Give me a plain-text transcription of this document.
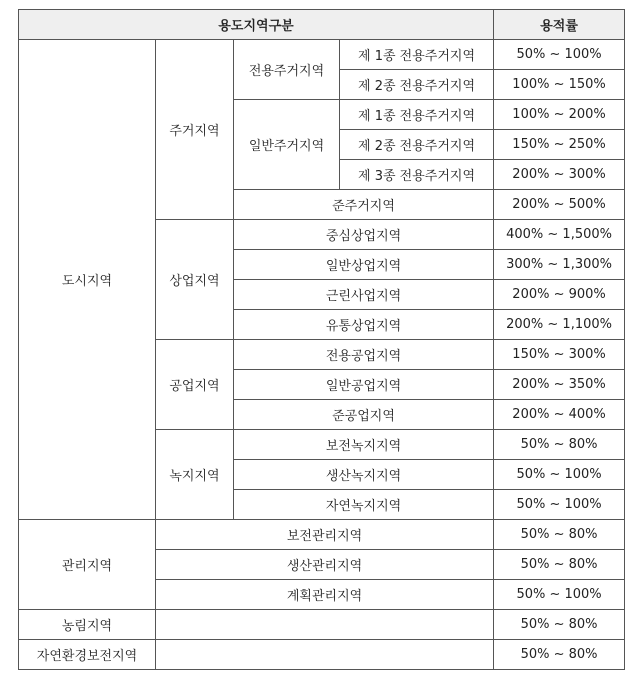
용도지역구분				용적률
도시지역	주거지역	전용주거지역	제 1종 전용주거지역	50% ~ 100%
			제 2종 전용주거지역	100% ~ 150%
		일반주거지역	제 1종 전용주거지역	100% ~ 200%
			제 2종 전용주거지역	150% ~ 250%
			제 3종 전용주거지역	200% ~ 300%
		준주거지역		200% ~ 500%
	상업지역	중심상업지역		400% ~ 1,500%
		일반상업지역		300% ~ 1,300%
		근린사업지역		200% ~ 900%
		유통상업지역		200% ~ 1,100%
	공업지역	전용공업지역		150% ~ 300%
		일반공업지역		200% ~ 350%
		준공업지역		200% ~ 400%
	녹지지역	보전녹지지역		50% ~ 80%
		생산녹지지역		50% ~ 100%
		자연녹지지역		50% ~ 100%
관리지역	보전관리지역			50% ~ 80%
	생산관리지역			50% ~ 80%
	계획관리지역			50% ~ 100%
농림지역				50% ~ 80%
자연환경보전지역				50% ~ 80%
